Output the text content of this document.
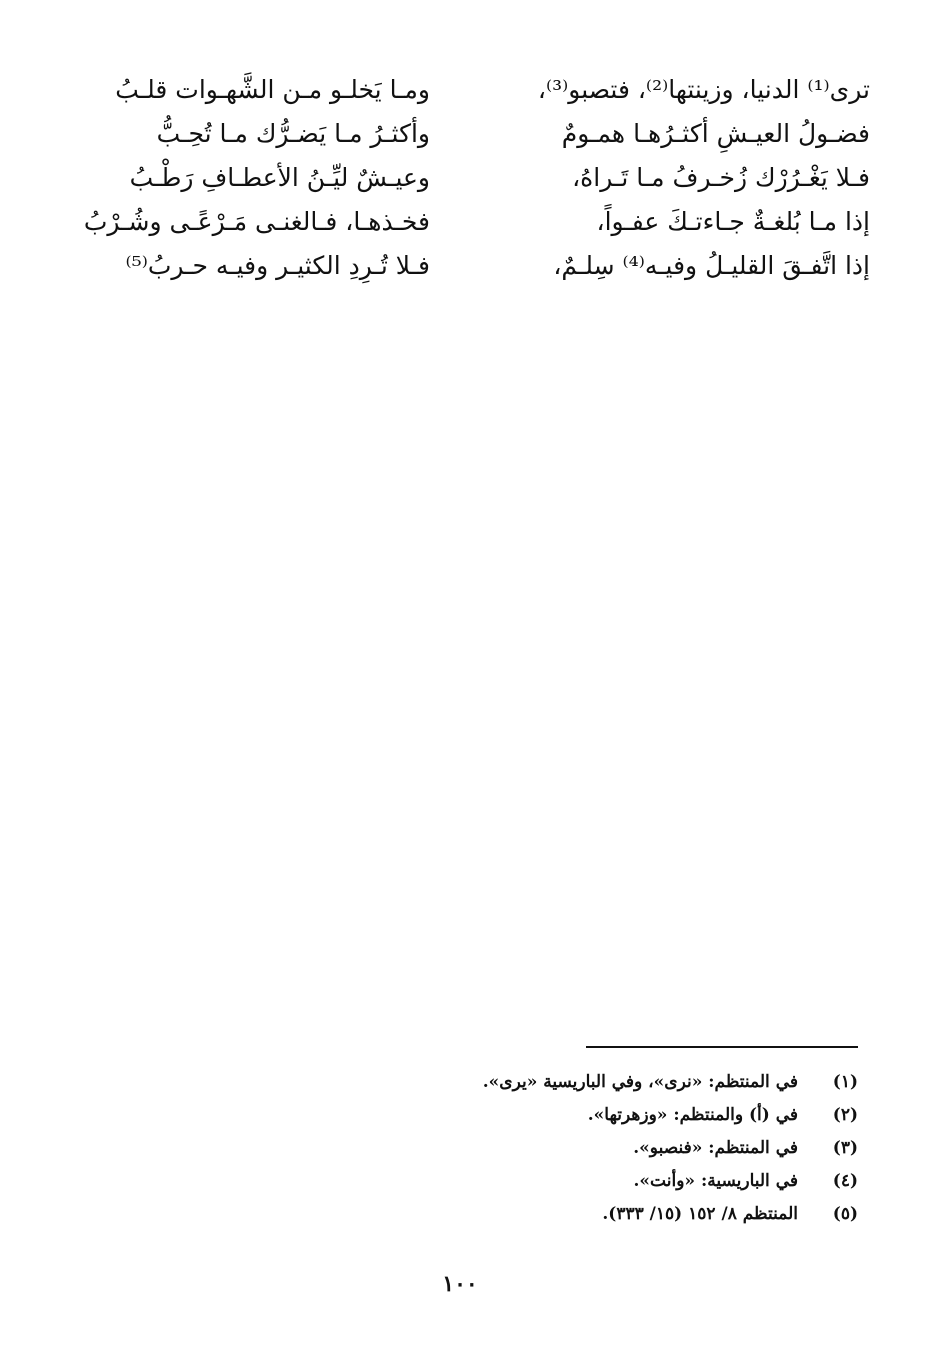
ترى⁽¹⁾ الدنيا، وزينتها⁽²⁾، فتصبو⁽³⁾،
ومـا يَخلـو مـن الشَّهـوات قلـبُ
فضـولُ العيـشِ أكثـرُهـا همـومٌ
وأكثـرُ مـا يَضـرُّك مـا تُحِـبُّ
فـلا يَغْـرُرْك زُخـرفُ مـا تَـراهُ،
وعيـشٌ ليِّـنُ الأعطـافِ رَطْـبُ
إذا مـا بُلغـةٌ جـاءتـكَ عفـواً،
فخـذهـا، فـالغنـى مَـرْعًـى وشُـرْبُ
إذا اتَّفـقَ القليـلُ وفيـه⁽⁴⁾ سِلـمٌ،
فـلا تُـرِدِ الكثيـر وفيـه حـربُ⁽⁵⁾
(١)
في المنتظم: «نرى»، وفي الباريسية «يرى».
(٢)
في (أ) والمنتظم: «وزهرتها».
(٣)
في المنتظم: «فنصبو».
(٤)
في الباريسية: «وأنت».
(٥)
المنتظم ٨/ ١٥٢ (١٥/ ٣٣٣).
١٠٠
